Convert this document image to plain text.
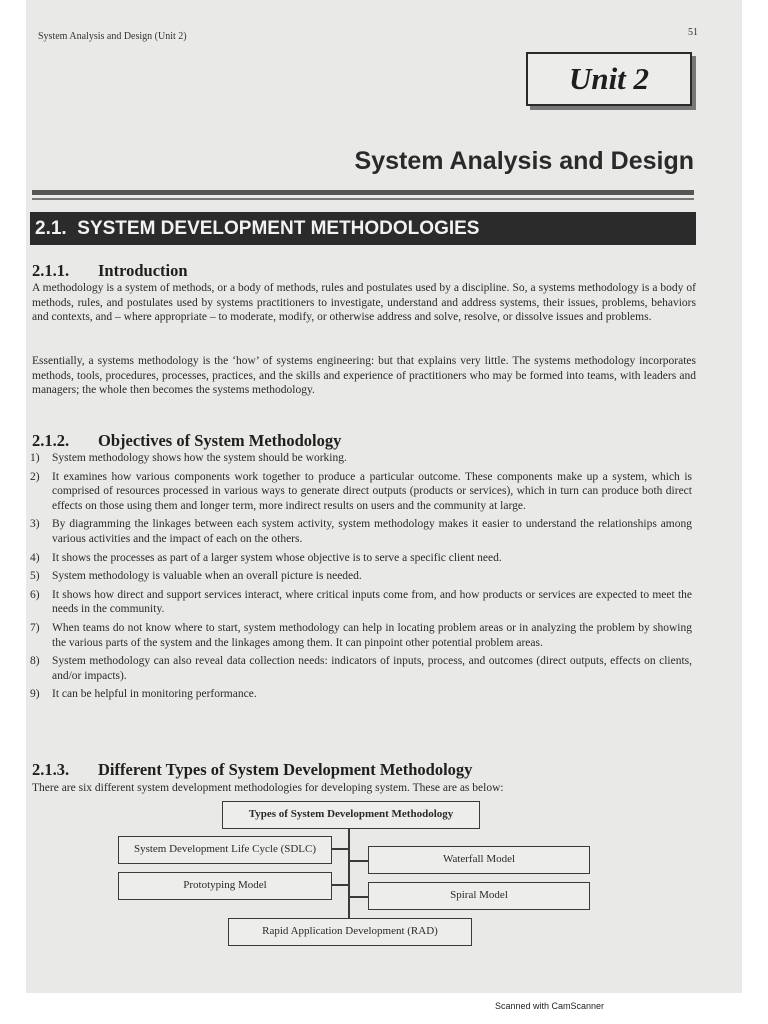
System Analysis and Design (Unit 2)	51
Unit 2
System Analysis and Design
2.1. SYSTEM DEVELOPMENT METHODOLOGIES
2.1.1. Introduction
A methodology is a system of methods, or a body of methods, rules and postulates used by a discipline. So, a systems methodology is a body of methods, rules, and postulates used by systems practitioners to investigate, understand and address systems, their issues, problems, behaviors and contexts, and – where appropriate – to moderate, modify, or otherwise address and solve, resolve, or dissolve issues and problems.
Essentially, a systems methodology is the ‘how’ of systems engineering: but that explains very little. The systems methodology incorporates methods, tools, procedures, processes, practices, and the skills and experience of practitioners who may be formed into teams, with leaders and managers; the whole then becomes the systems methodology.
2.1.2. Objectives of System Methodology
1) System methodology shows how the system should be working.
2) It examines how various components work together to produce a particular outcome. These components make up a system, which is comprised of resources processed in various ways to generate direct outputs (products or services), which in turn can produce both direct effects on those using them and longer term, more indirect results on users and the community at large.
3) By diagramming the linkages between each system activity, system methodology makes it easier to understand the relationships among various activities and the impact of each on the others.
4) It shows the processes as part of a larger system whose objective is to serve a specific client need.
5) System methodology is valuable when an overall picture is needed.
6) It shows how direct and support services interact, where critical inputs come from, and how products or services are expected to meet the needs in the community.
7) When teams do not know where to start, system methodology can help in locating problem areas or in analyzing the problem by showing the various parts of the system and the linkages among them. It can pinpoint other potential problem areas.
8) System methodology can also reveal data collection needs: indicators of inputs, process, and outcomes (direct outputs, effects on clients, and/or impacts).
9) It can be helpful in monitoring performance.
2.1.3. Different Types of System Development Methodology
There are six different system development methodologies for developing system. These are as below:
Types of System Development Methodology
System Development Life Cycle (SDLC)
Prototyping Model
Waterfall Model
Spiral Model
Rapid Application Development (RAD)
Scanned with CamScanner
